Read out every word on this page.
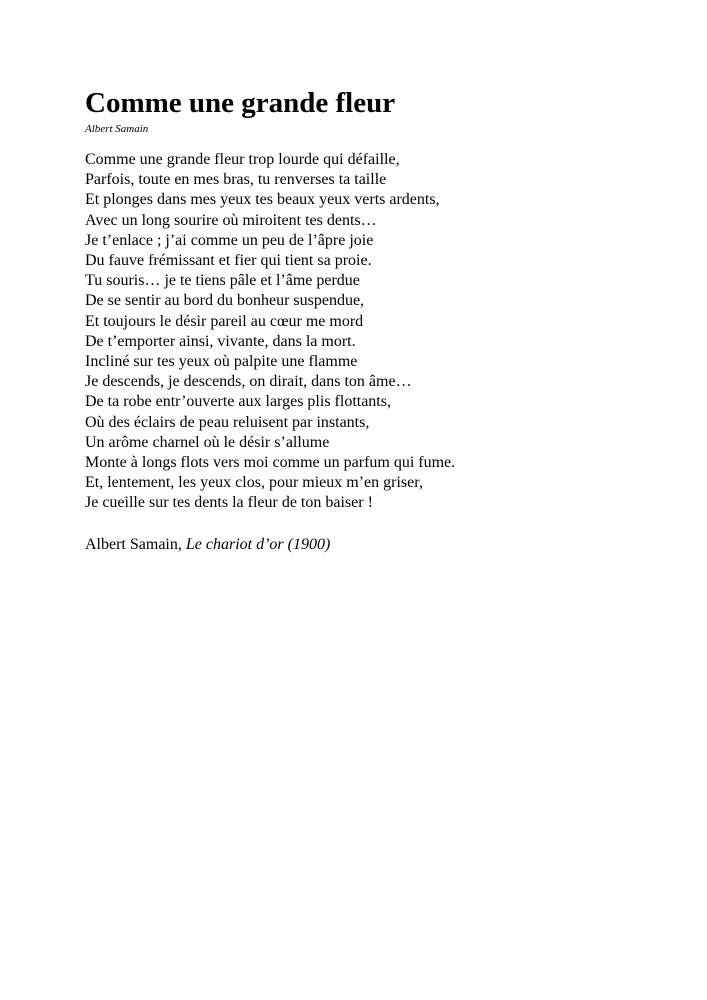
Comme une grande fleur
Albert Samain
Comme une grande fleur trop lourde qui défaille,
Parfois, toute en mes bras, tu renverses ta taille
Et plonges dans mes yeux tes beaux yeux verts ardents,
Avec un long sourire où miroitent tes dents…
Je t’enlace ; j’ai comme un peu de l’âpre joie
Du fauve frémissant et fier qui tient sa proie.
Tu souris… je te tiens pâle et l’âme perdue
De se sentir au bord du bonheur suspendue,
Et toujours le désir pareil au cœur me mord
De t’emporter ainsi, vivante, dans la mort.
Incliné sur tes yeux où palpite une flamme
Je descends, je descends, on dirait, dans ton âme…
De ta robe entr’ouverte aux larges plis flottants,
Où des éclairs de peau reluisent par instants,
Un arôme charnel où le désir s’allume
Monte à longs flots vers moi comme un parfum qui fume.
Et, lentement, les yeux clos, pour mieux m’en griser,
Je cueille sur tes dents la fleur de ton baiser !

Albert Samain, Le chariot d’or (1900)
